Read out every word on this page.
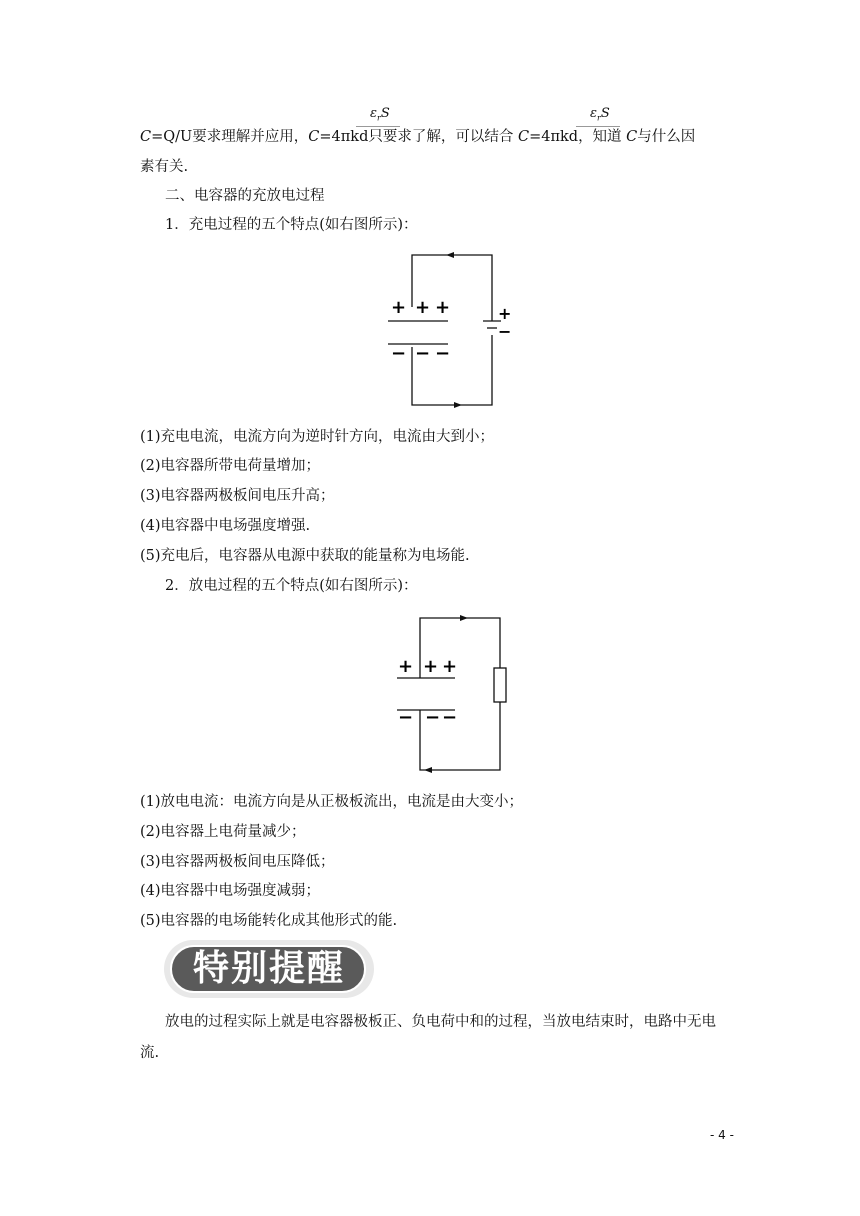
$\varepsilon_rS$	$\varepsilon_rS$
C=Q/U要求理解并应用，C=4πkd只要求了解，可以结合 C=4πkd，知道 C与什么因
素有关.
二、电容器的充放电过程
1．充电过程的五个特点(如右图所示)：
+ + +
− − −
+
−
(1)充电电流，电流方向为逆时针方向，电流由大到小；
(2)电容器所带电荷量增加；
(3)电容器两极板间电压升高；
(4)电容器中电场强度增强.
(5)充电后，电容器从电源中获取的能量称为电场能.
2．放电过程的五个特点(如右图所示)：
+ + +
− − −
(1)放电电流：电流方向是从正极板流出，电流是由大变小；
(2)电容器上电荷量减少；
(3)电容器两极板间电压降低；
(4)电容器中电场强度减弱；
(5)电容器的电场能转化成其他形式的能.
特别提醒
放电的过程实际上就是电容器极板正、负电荷中和的过程，当放电结束时，电路中无电
流.
- 4 -
